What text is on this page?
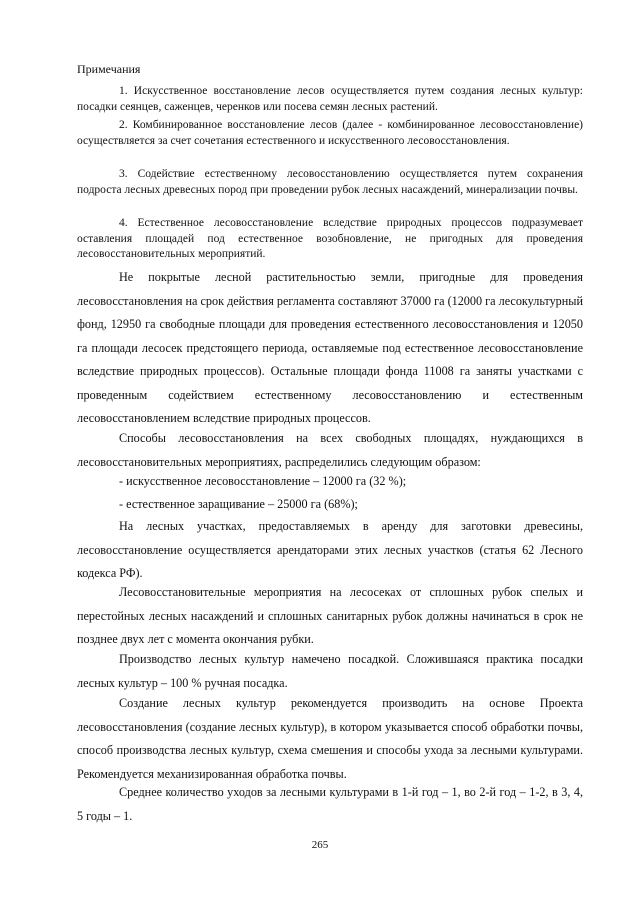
Примечания
1. Искусственное восстановление лесов осуществляется путем создания лесных культур: посадки сеянцев, саженцев, черенков или посева семян лесных растений.
2. Комбинированное восстановление лесов (далее - комбинированное лесовосстановление) осуществляется за счет сочетания естественного и искусственного лесовосстановления.
3. Содействие естественному лесовосстановлению осуществляется путем сохранения подроста лесных древесных пород при проведении рубок лесных насаждений, минерализации почвы.
4. Естественное лесовосстановление вследствие природных процессов подразумевает оставления площадей под естественное возобновление, не пригодных для проведения лесовосстановительных мероприятий.
Не покрытые лесной растительностью земли, пригодные для проведения лесовосстановления на срок действия регламента составляют 37000 га (12000 га лесокультурный фонд, 12950 га свободные площади для проведения естественного лесовосстановления и 12050 га площади лесосек предстоящего периода, оставляемые под естественное лесовосстановление вследствие природных процессов). Остальные площади фонда 11008 га заняты участками с проведенным содействием естественному лесовосстановлению и естественным лесовосстановлением вследствие природных процессов.
Способы лесовосстановления на всех свободных площадях, нуждающихся в лесовосстановительных мероприятиях, распределились следующим образом:
- искусственное лесовосстановление – 12000 га (32 %);
- естественное заращивание – 25000 га (68%);
На лесных участках, предоставляемых в аренду для заготовки древесины, лесовосстановление осуществляется арендаторами этих лесных участков (статья 62 Лесного кодекса РФ).
Лесовосстановительные мероприятия на лесосеках от сплошных рубок спелых и перестойных лесных насаждений и сплошных санитарных рубок должны начинаться в срок не позднее двух лет с момента окончания рубки.
Производство лесных культур намечено посадкой. Сложившаяся практика посадки лесных культур – 100 % ручная посадка.
Создание лесных культур рекомендуется производить на основе Проекта лесовосстановления (создание лесных культур), в котором указывается способ обработки почвы, способ производства лесных культур, схема смешения и способы ухода за лесными культурами. Рекомендуется механизированная обработка почвы.
Среднее количество уходов за лесными культурами в 1-й год – 1, во 2-й год – 1-2, в 3, 4, 5 годы – 1.
265
